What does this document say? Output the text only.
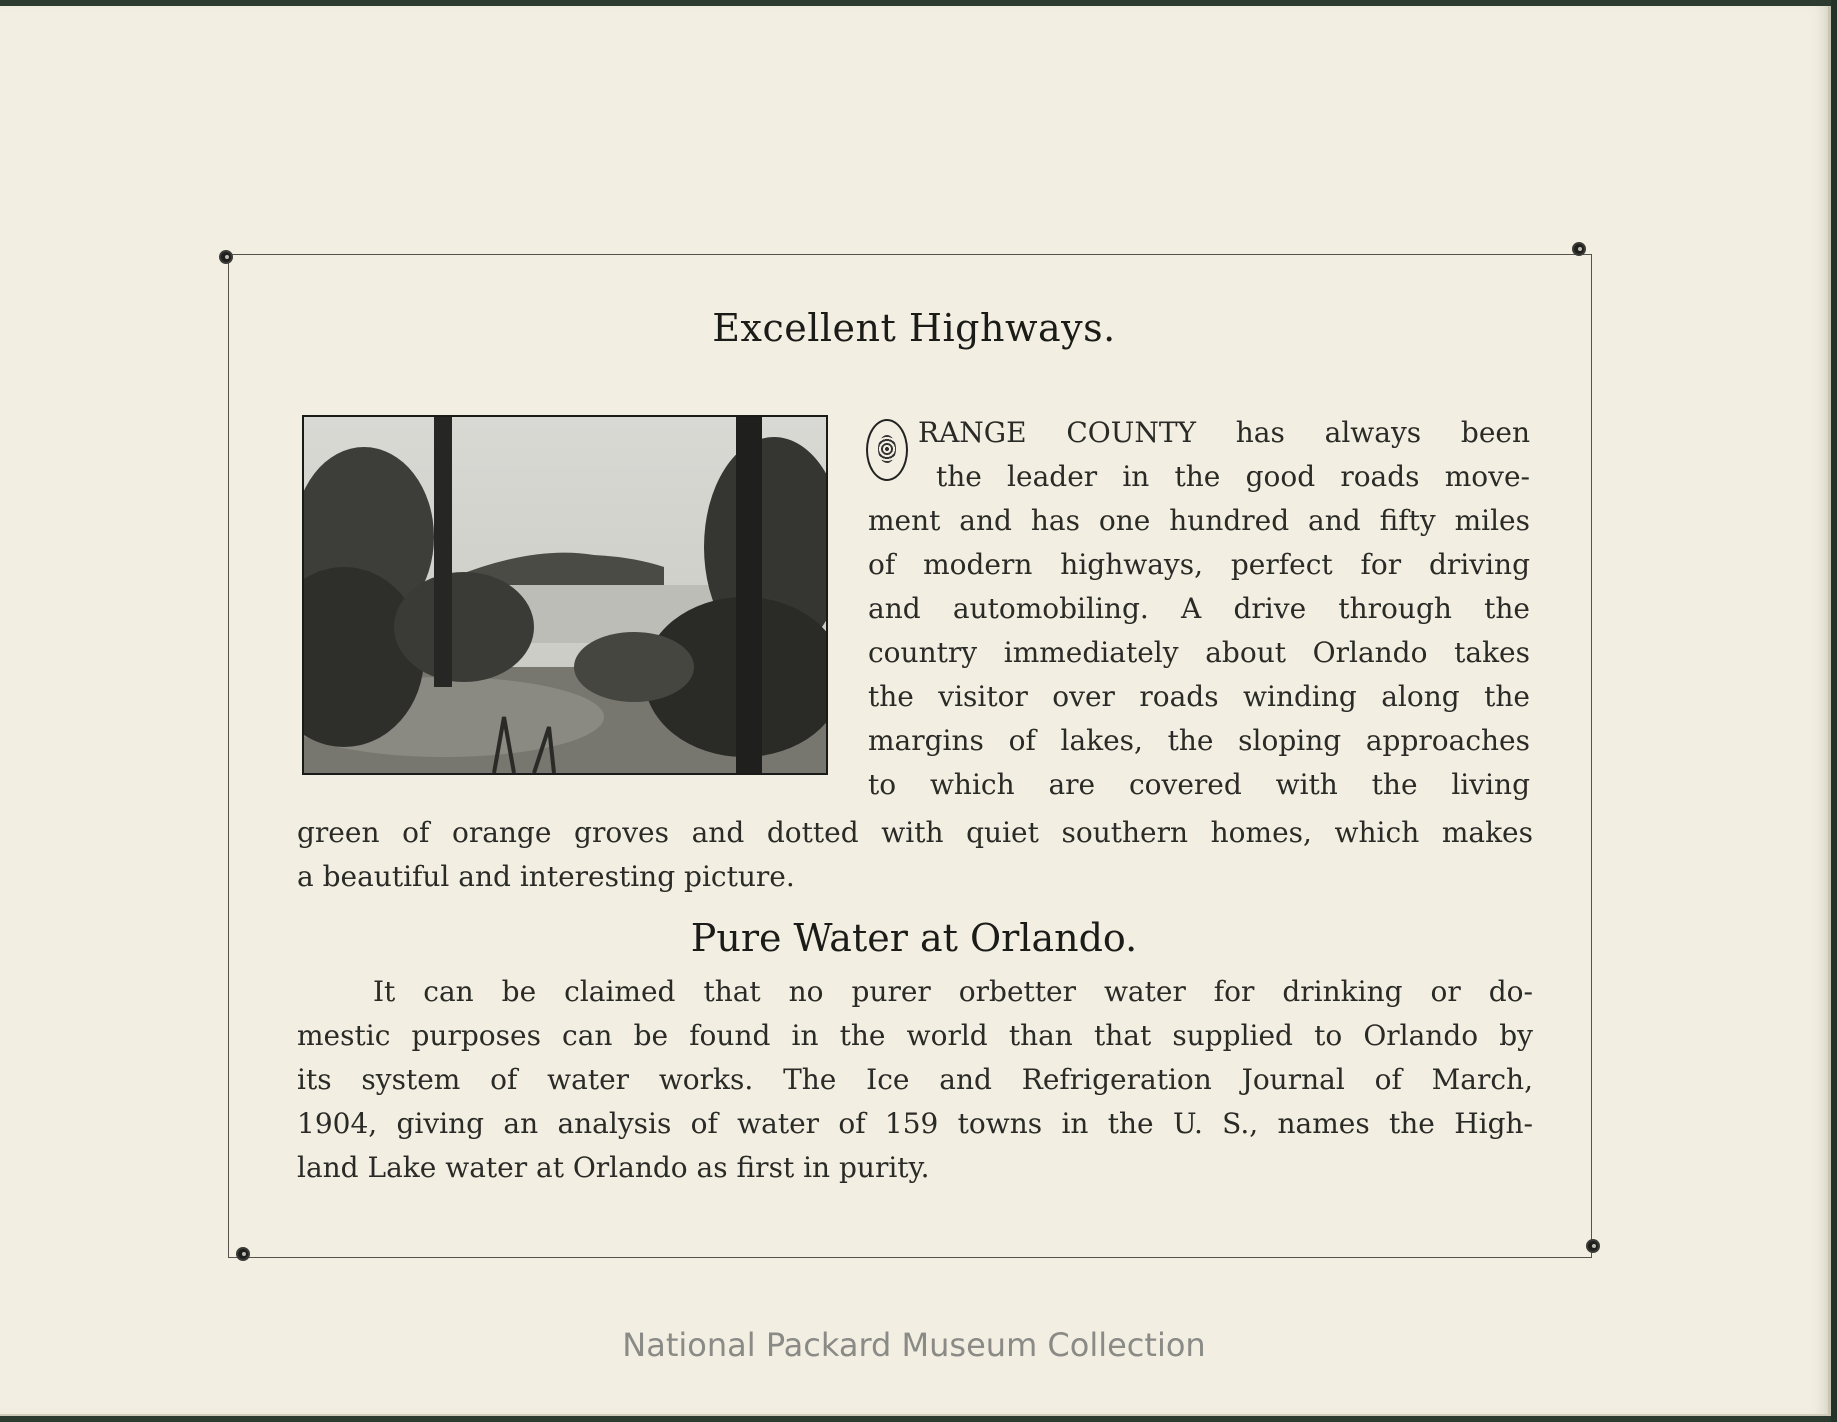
Excellent Highways.
RANGE COUNTY has always been
the leader in the good roads move-
ment and has one hundred and fifty miles
of modern highways, perfect for driving
and automobiling. A drive through the
country immediately about Orlando takes
the visitor over roads winding along the
margins of lakes, the sloping approaches
to which are covered with the living
green of orange groves and dotted with quiet southern homes, which makes
a beautiful and interesting picture.
Pure Water at Orlando.
It can be claimed that no purer orbetter water for drinking or do-
mestic purposes can be found in the world than that supplied to Orlando by
its system of water works. The Ice and Refrigeration Journal of March,
1904, giving an analysis of water of 159 towns in the U. S., names the High-
land Lake water at Orlando as first in purity.
National Packard Museum Collection
